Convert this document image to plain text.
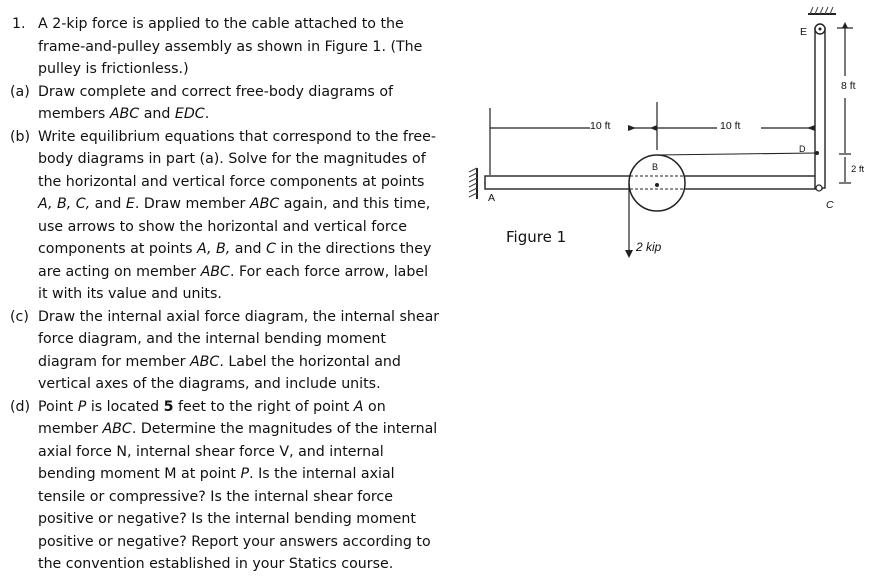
1. A 2-kip force is applied to the cable attached to the frame-and-pulley assembly as shown in Figure 1. (The pulley is frictionless.)
(a) Draw complete and correct free-body diagrams of members ABC and EDC.
(b) Write equilibrium equations that correspond to the free-body diagrams in part (a). Solve for the magnitudes of the horizontal and vertical force components at points A, B, C, and E. Draw member ABC again, and this time, use arrows to show the horizontal and vertical force components at points A, B, and C in the directions they are acting on member ABC. For each force arrow, label it with its value and units.
(c) Draw the internal axial force diagram, the internal shear force diagram, and the internal bending moment diagram for member ABC. Label the horizontal and vertical axes of the diagrams, and include units.
(d) Point P is located 5 feet to the right of point A on member ABC. Determine the magnitudes of the internal axial force N, internal shear force V, and internal bending moment M at point P. Is the internal axial tensile or compressive? Is the internal shear force positive or negative? Is the internal bending moment positive or negative? Report your answers according to the convention established in your Statics course.
10 ft	10 ft
8 ft
2 ft
A
B
C
D
E
2 kip
Figure 1
